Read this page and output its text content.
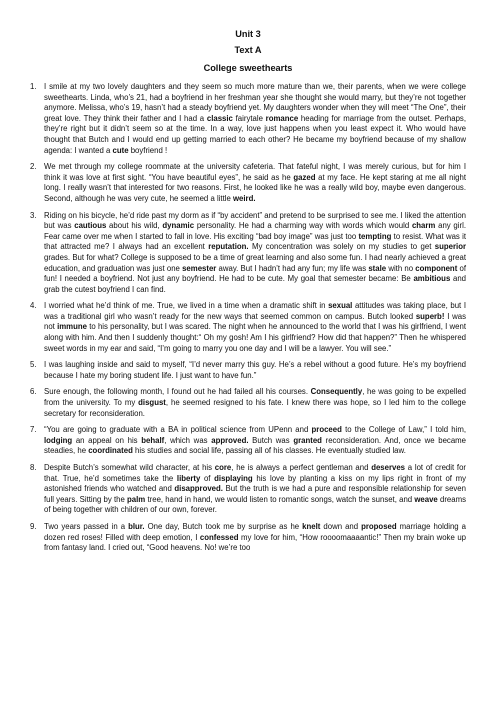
Unit 3
Text A
College sweethearts
1. I smile at my two lovely daughters and they seem so much more mature than we, their parents, when we were college sweethearts. Linda, who’s 21, had a boyfriend in her freshman year she thought she would marry, but they’re not together anymore. Melissa, who’s 19, hasn’t had a steady boyfriend yet. My daughters wonder when they will meet “The One”, their great love. They think their father and I had a classic fairytale romance heading for marriage from the outset. Perhaps, they’re right but it didn’t seem so at the time. In a way, love just happens when you least expect it. Who would have thought that Butch and I would end up getting married to each other? He became my boyfriend because of my shallow agenda: I wanted a cute boyfriend !
2. We met through my college roommate at the university cafeteria. That fateful night, I was merely curious, but for him I think it was love at first sight. “You have beautiful eyes”, he said as he gazed at my face. He kept staring at me all night long. I really wasn’t that interested for two reasons. First, he looked like he was a really wild boy, maybe even dangerous. Second, although he was very cute, he seemed a little weird.
3. Riding on his bicycle, he’d ride past my dorm as if “by accident” and pretend to be surprised to see me. I liked the attention but was cautious about his wild, dynamic personality. He had a charming way with words which would charm any girl. Fear came over me when I started to fall in love. His exciting “bad boy image” was just too tempting to resist. What was it that attracted me? I always had an excellent reputation. My concentration was solely on my studies to get superior grades. But for what? College is supposed to be a time of great learning and also some fun. I had nearly achieved a great education, and graduation was just one semester away. But I hadn’t had any fun; my life was stale with no component of fun! I needed a boyfriend. Not just any boyfriend. He had to be cute. My goal that semester became: Be ambitious and grab the cutest boyfriend I can find.
4. I worried what he’d think of me. True, we lived in a time when a dramatic shift in sexual attitudes was taking place, but I was a traditional girl who wasn’t ready for the new ways that seemed common on campus. Butch looked superb! I was not immune to his personality, but I was scared. The night when he announced to the world that I was his girlfriend, I went along with him. And then I suddenly thought:“ Oh my gosh! Am I his girlfriend? How did that happen?” Then he whispered sweet words in my ear and said, “I’m going to marry you one day and I will be a lawyer. You will see.”
5. I was laughing inside and said to myself, “I’d never marry this guy. He’s a rebel without a good future. He’s my boyfriend because I hate my boring student life. I just want to have fun.”
6. Sure enough, the following month, I found out he had failed all his courses. Consequently, he was going to be expelled from the university. To my disgust, he seemed resigned to his fate. I knew there was hope, so I led him to the college secretary for reconsideration.
7. “You are going to graduate with a BA in political science from UPenn and proceed to the College of Law,” I told him, lodging an appeal on his behalf, which was approved. Butch was granted reconsideration. And, once we became steadies, he coordinated his studies and social life, passing all of his classes. He eventually studied law.
8. Despite Butch’s somewhat wild character, at his core, he is always a perfect gentleman and deserves a lot of credit for that. True, he’d sometimes take the liberty of displaying his love by planting a kiss on my lips right in front of my astonished friends who watched and disapproved. But the truth is we had a pure and responsible relationship for seven full years. Sitting by the palm tree, hand in hand, we would listen to romantic songs, watch the sunset, and weave dreams of being together with children of our own, forever.
9. Two years passed in a blur. One day, Butch took me by surprise as he knelt down and proposed marriage holding a dozen red roses! Filled with deep emotion, I confessed my love for him, “How roooomaaaantic!” Then my brain woke up from fantasy land. I cried out, “Good heavens. No! we’re too
